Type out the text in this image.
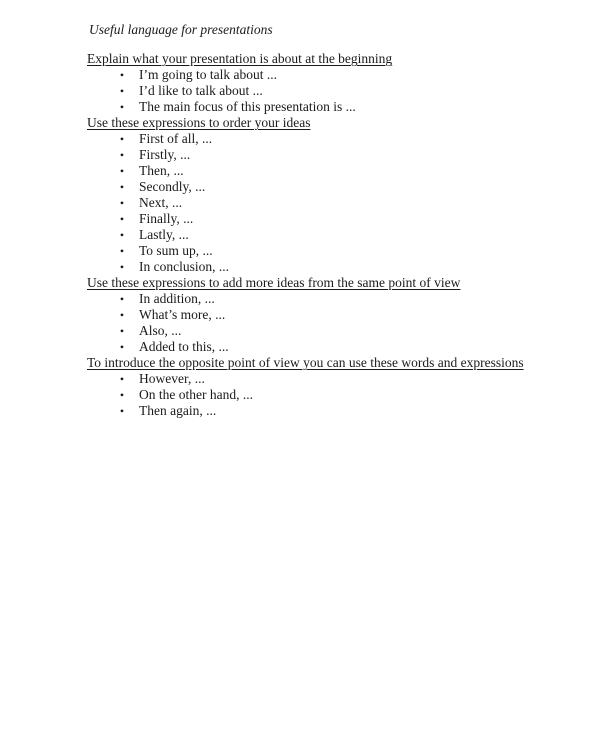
Useful language for presentations
Explain what your presentation is about at the beginning
• I’m going to talk about ...
• I’d like to talk about ...
• The main focus of this presentation is ...
Use these expressions to order your ideas
• First of all, ...
• Firstly, ...
• Then, ...
• Secondly, ...
• Next, ...
• Finally, ...
• Lastly, ...
• To sum up, ...
• In conclusion, ...
Use these expressions to add more ideas from the same point of view
• In addition, ...
• What’s more, ...
• Also, ...
• Added to this, ...
To introduce the opposite point of view you can use these words and expressions
• However, ...
• On the other hand, ...
• Then again, ...
